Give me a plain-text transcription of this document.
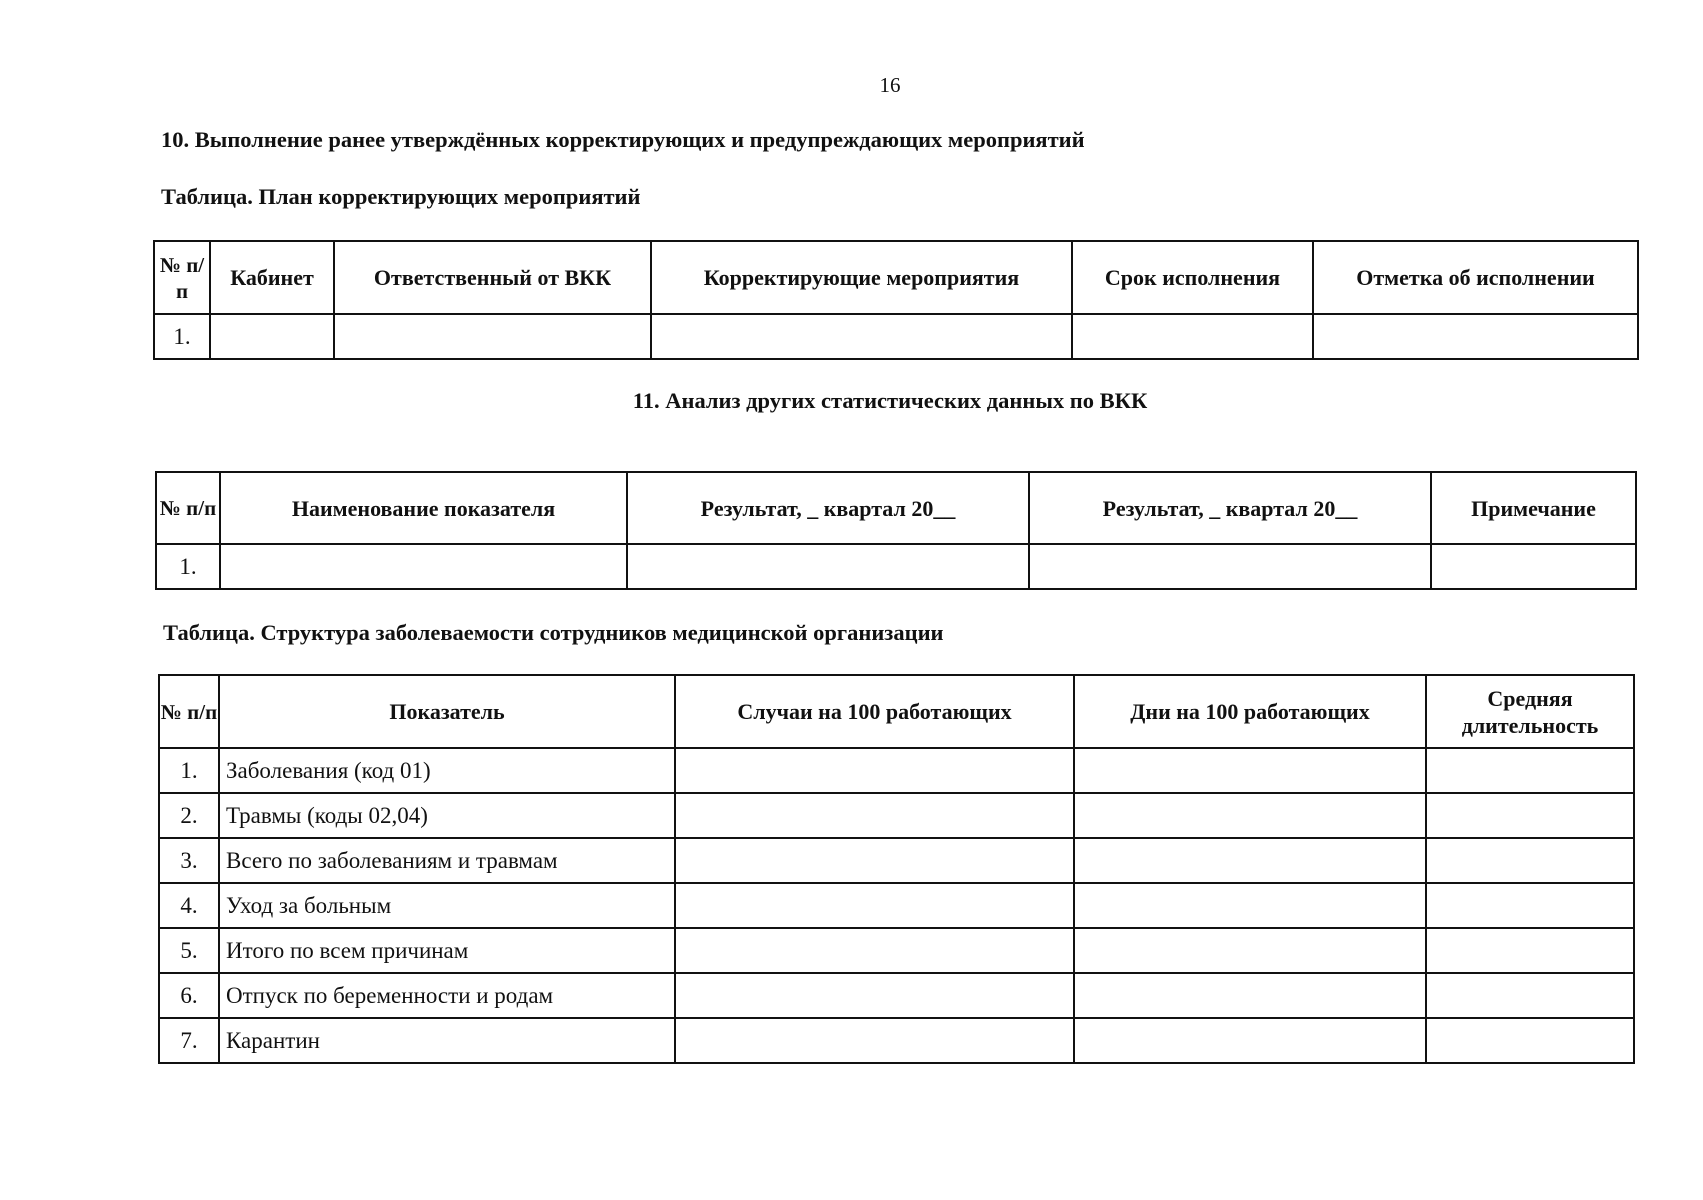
16
10. Выполнение ранее утверждённых корректирующих и предупреждающих мероприятий
Таблица. План корректирующих мероприятий
№ п/п	Кабинет	Ответственный от ВКК	Корректирующие мероприятия	Срок исполнения	Отметка об исполнении
1.					
11. Анализ других статистических данных по ВКК
№ п/п	Наименование показателя	Результат, _ квартал 20__	Результат, _ квартал 20__	Примечание
1.				
Таблица. Структура заболеваемости сотрудников медицинской организации
№ п/п	Показатель	Случаи на 100 работающих	Дни на 100 работающих	Средняя длительность
1.	Заболевания (код 01)			
2.	Травмы (коды 02,04)			
3.	Всего по заболеваниям и травмам			
4.	Уход за больным			
5.	Итого по всем причинам			
6.	Отпуск по беременности и родам			
7.	Карантин			
